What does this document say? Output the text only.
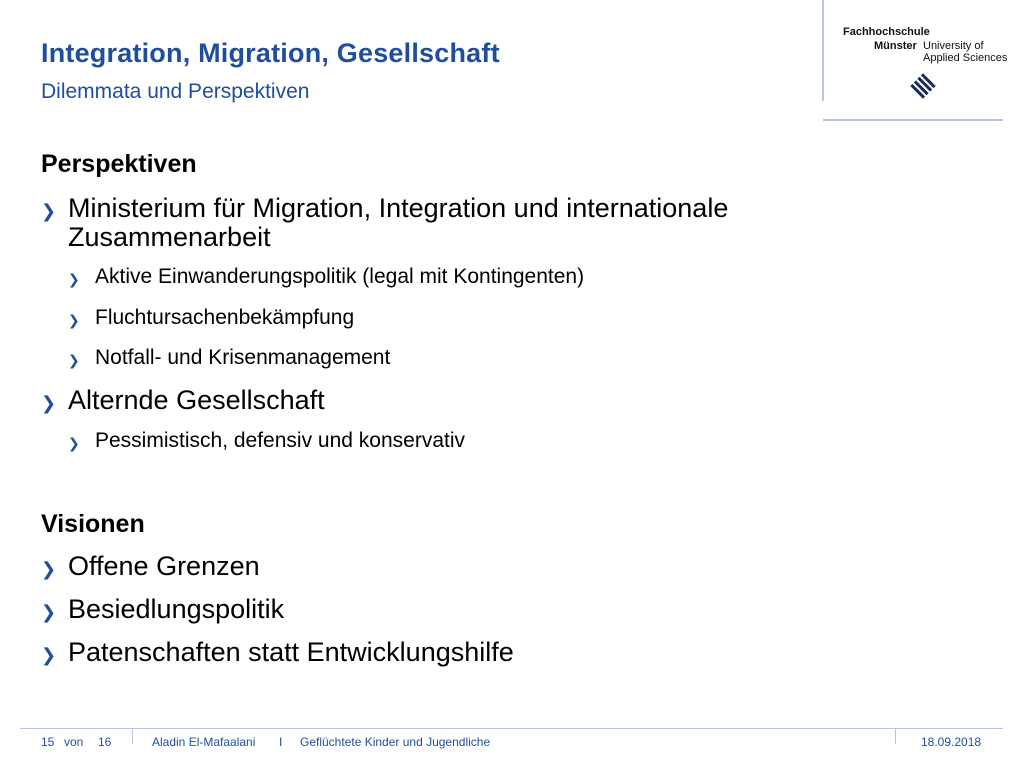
Integration, Migration, Gesellschaft
Dilemmata und Perspektiven
Fachhochschule
Münster University of
Applied Sciences
Perspektiven
❯ Ministerium für Migration, Integration und internationale Zusammenarbeit
❯ Aktive Einwanderungspolitik (legal mit Kontingenten)
❯ Fluchtursachenbekämpfung
❯ Notfall- und Krisenmanagement
❯ Alternde Gesellschaft
❯ Pessimistisch, defensiv und konservativ
Visionen
❯ Offene Grenzen
❯ Besiedlungspolitik
❯ Patenschaften statt Entwicklungshilfe
15 von 16	Aladin El-Mafaalani I Geflüchtete Kinder und Jugendliche	18.09.2018
